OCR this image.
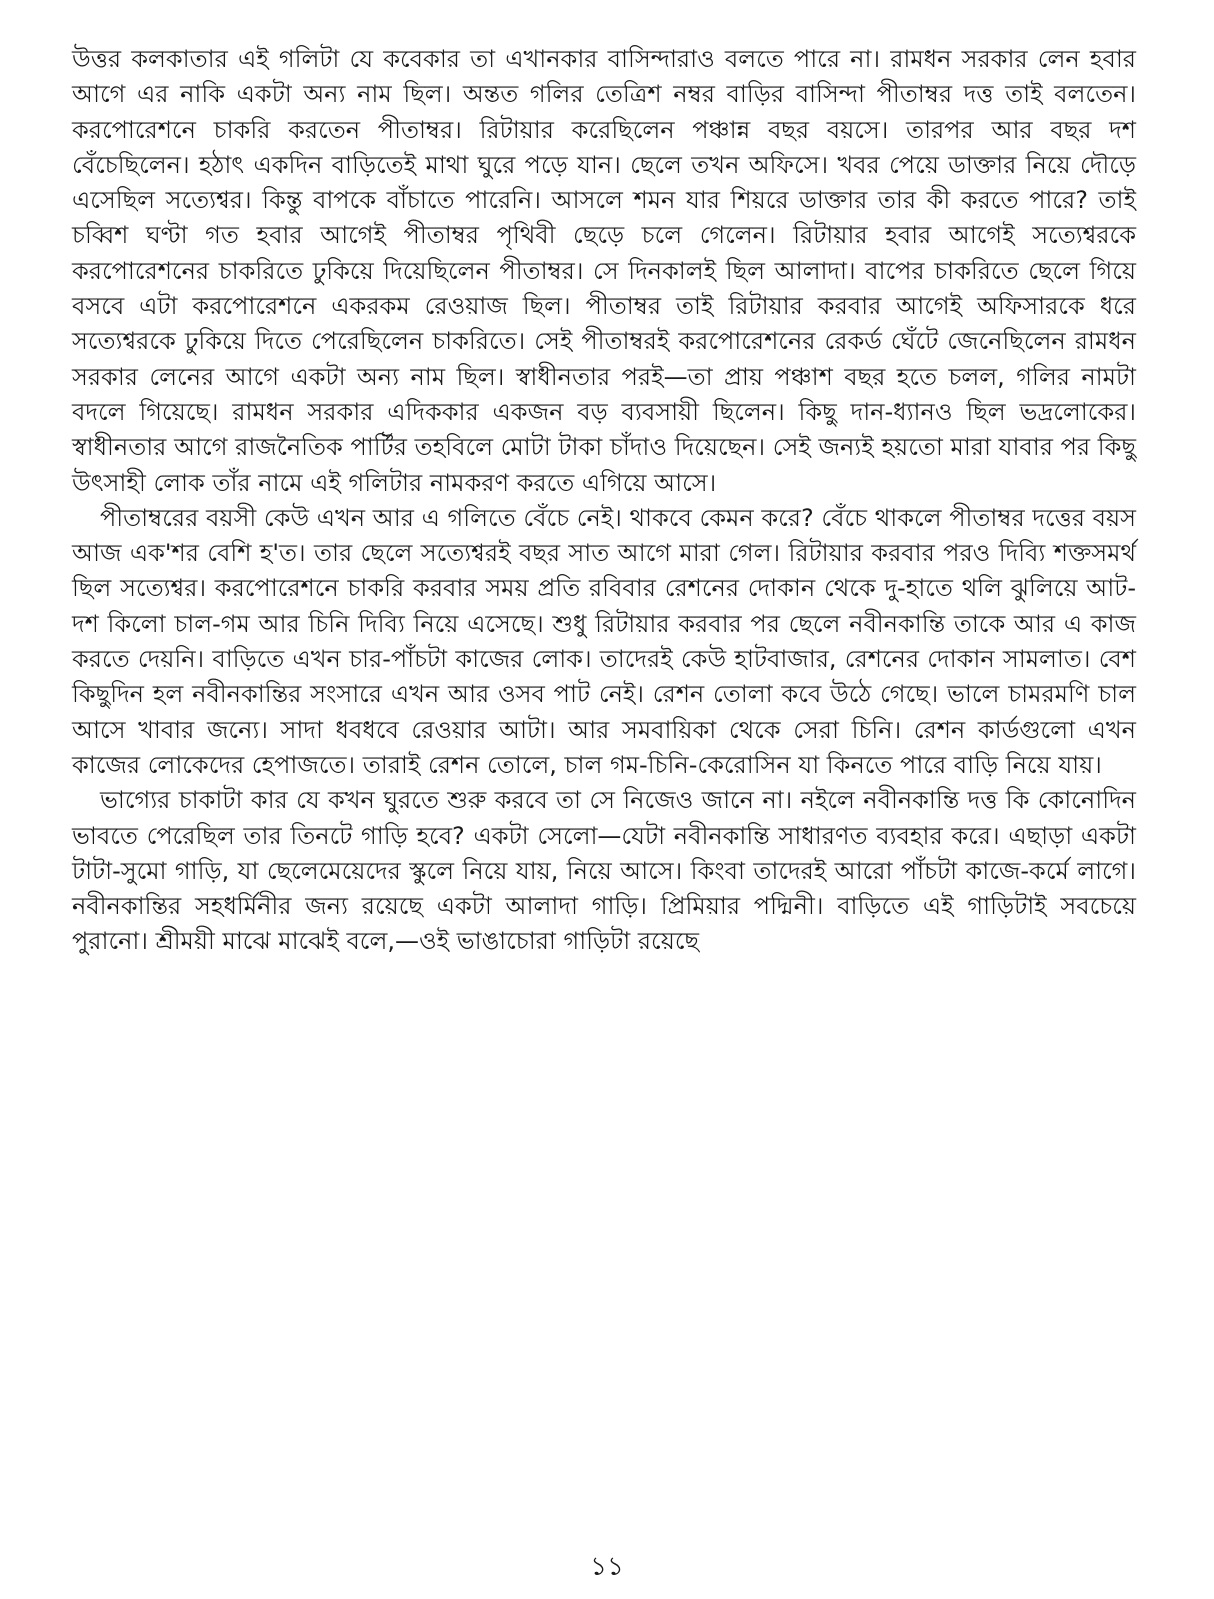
উত্তর কলকাতার এই গলিটা যে কবেকার তা এখানকার বাসিন্দারাও বলতে পারে না। রামধন সরকার লেন হবার আগে এর নাকি একটা অন্য নাম ছিল। অন্তত গলির তেত্রিশ নম্বর বাড়ির বাসিন্দা পীতাম্বর দত্ত তাই বলতেন। করপোরেশনে চাকরি করতেন পীতাম্বর। রিটায়ার করেছিলেন পঞ্চান্ন বছর বয়সে। তারপর আর বছর দশ বেঁচেছিলেন। হঠাৎ একদিন বাড়িতেই মাথা ঘুরে পড়ে যান। ছেলে তখন অফিসে। খবর পেয়ে ডাক্তার নিয়ে দৌড়ে এসেছিল সত্যেশ্বর। কিন্তু বাপকে বাঁচাতে পারেনি। আসলে শমন যার শিয়রে ডাক্তার তার কী করতে পারে? তাই চব্বিশ ঘণ্টা গত হবার আগেই পীতাম্বর পৃথিবী ছেড়ে চলে গেলেন। রিটায়ার হবার আগেই সত্যেশ্বরকে করপোরেশনের চাকরিতে ঢুকিয়ে দিয়েছিলেন পীতাম্বর। সে দিনকালই ছিল আলাদা। বাপের চাকরিতে ছেলে গিয়ে বসবে এটা করপোরেশনে একরকম রেওয়াজ ছিল। পীতাম্বর তাই রিটায়ার করবার আগেই অফিসারকে ধরে সত্যেশ্বরকে ঢুকিয়ে দিতে পেরেছিলেন চাকরিতে। সেই পীতাম্বরই করপোরেশনের রেকর্ড ঘেঁটে জেনেছিলেন রামধন সরকার লেনের আগে একটা অন্য নাম ছিল। স্বাধীনতার পরই—তা প্রায় পঞ্চাশ বছর হতে চলল, গলির নামটা বদলে গিয়েছে। রামধন সরকার এদিককার একজন বড় ব্যবসায়ী ছিলেন। কিছু দান-ধ্যানও ছিল ভদ্রলোকের। স্বাধীনতার আগে রাজনৈতিক পার্টির তহবিলে মোটা টাকা চাঁদাও দিয়েছেন। সেই জন্যই হয়তো মারা যাবার পর কিছু উৎসাহী লোক তাঁর নামে এই গলিটার নামকরণ করতে এগিয়ে আসে।

পীতাম্বরের বয়সী কেউ এখন আর এ গলিতে বেঁচে নেই। থাকবে কেমন করে? বেঁচে থাকলে পীতাম্বর দত্তের বয়স আজ এক'শর বেশি হ'ত। তার ছেলে সত্যেশ্বরই বছর সাত আগে মারা গেল। রিটায়ার করবার পরও দিব্যি শক্তসমর্থ ছিল সত্যেশ্বর। করপোরেশনে চাকরি করবার সময় প্রতি রবিবার রেশনের দোকান থেকে দু-হাতে থলি ঝুলিয়ে আট-দশ কিলো চাল-গম আর চিনি দিব্যি নিয়ে এসেছে। শুধু রিটায়ার করবার পর ছেলে নবীনকান্তি তাকে আর এ কাজ করতে দেয়নি। বাড়িতে এখন চার-পাঁচটা কাজের লোক। তাদেরই কেউ হাটবাজার, রেশনের দোকান সামলাত। বেশ কিছুদিন হল নবীনকান্তির সংসারে এখন আর ওসব পাট নেই। রেশন তোলা কবে উঠে গেছে। ভালে চামরমণি চাল আসে খাবার জন্যে। সাদা ধবধবে রেওয়ার আটা। আর সমবায়িকা থেকে সেরা চিনি। রেশন কার্ডগুলো এখন কাজের লোকেদের হেপাজতে। তারাই রেশন তোলে, চাল গম-চিনি-কেরোসিন যা কিনতে পারে বাড়ি নিয়ে যায়।

ভাগ্যের চাকাটা কার যে কখন ঘুরতে শুরু করবে তা সে নিজেও জানে না। নইলে নবীনকান্তি দত্ত কি কোনোদিন ভাবতে পেরেছিল তার তিনটে গাড়ি হবে? একটা সেলো—যেটা নবীনকান্তি সাধারণত ব্যবহার করে। এছাড়া একটা টাটা-সুমো গাড়ি, যা ছেলেমেয়েদের স্কুলে নিয়ে যায়, নিয়ে আসে। কিংবা তাদেরই আরো পাঁচটা কাজে-কর্মে লাগে। নবীনকান্তির সহধর্মিনীর জন্য রয়েছে একটা আলাদা গাড়ি। প্রিমিয়ার পদ্মিনী। বাড়িতে এই গাড়িটাই সবচেয়ে পুরানো। শ্রীময়ী মাঝে মাঝেই বলে,—ওই ভাঙাচোরা গাড়িটা রয়েছে

১১
